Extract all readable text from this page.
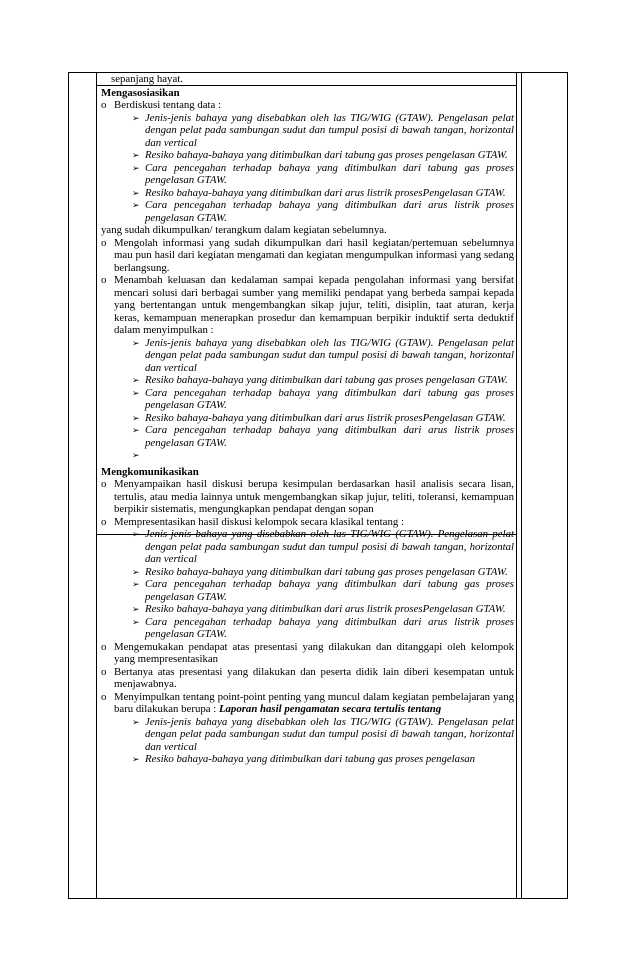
sepanjang hayat.

Mengasosiasikan

o Berdiskusi tentang data :
➢ Jenis-jenis bahaya yang disebabkan oleh las TIG/WIG (GTAW). Pengelasan pelat dengan pelat pada sambungan sudut dan tumpul posisi di bawah tangan, horizontal dan vertical
➢ Resiko bahaya-bahaya yang ditimbulkan dari tabung gas proses pengelasan GTAW.
➢ Cara pencegahan terhadap bahaya yang ditimbulkan dari tabung gas proses pengelasan GTAW.
➢ Resiko bahaya-bahaya yang ditimbulkan dari arus listrik prosesPengelasan GTAW.
➢ Cara pencegahan terhadap bahaya yang ditimbulkan dari arus listrik proses pengelasan GTAW.

yang sudah dikumpulkan/ terangkum dalam kegiatan sebelumnya.

o Mengolah informasi yang sudah dikumpulkan dari hasil kegiatan/pertemuan sebelumnya mau pun hasil dari kegiatan mengamati dan kegiatan mengumpulkan informasi yang sedang berlangsung.
o Menambah keluasan dan kedalaman sampai kepada pengolahan informasi yang bersifat mencari solusi dari berbagai sumber yang memiliki pendapat yang berbeda sampai kepada yang bertentangan untuk mengembangkan sikap jujur, teliti, disiplin, taat aturan, kerja keras, kemampuan menerapkan prosedur dan kemampuan berpikir induktif serta deduktif dalam menyimpulkan :
➢ Jenis-jenis bahaya yang disebabkan oleh las TIG/WIG (GTAW). Pengelasan pelat dengan pelat pada sambungan sudut dan tumpul posisi di bawah tangan, horizontal dan vertical
➢ Resiko bahaya-bahaya yang ditimbulkan dari tabung gas proses pengelasan GTAW.
➢ Cara pencegahan terhadap bahaya yang ditimbulkan dari tabung gas proses pengelasan GTAW.
➢ Resiko bahaya-bahaya yang ditimbulkan dari arus listrik prosesPengelasan GTAW.
➢ Cara pencegahan terhadap bahaya yang ditimbulkan dari arus listrik proses pengelasan GTAW.
➢

Mengkomunikasikan

o Menyampaikan hasil diskusi berupa kesimpulan berdasarkan hasil analisis secara lisan, tertulis, atau media lainnya untuk mengembangkan sikap jujur, teliti, toleransi, kemampuan berpikir sistematis, mengungkapkan pendapat dengan sopan
o Mempresentasikan hasil diskusi kelompok secara klasikal tentang :
➢ Jenis-jenis bahaya yang disebabkan oleh las TIG/WIG (GTAW). Pengelasan pelat dengan pelat pada sambungan sudut dan tumpul posisi di bawah tangan, horizontal dan vertical
➢ Resiko bahaya-bahaya yang ditimbulkan dari tabung gas proses pengelasan GTAW.
➢ Cara pencegahan terhadap bahaya yang ditimbulkan dari tabung gas proses pengelasan GTAW.
➢ Resiko bahaya-bahaya yang ditimbulkan dari arus listrik prosesPengelasan GTAW.
➢ Cara pencegahan terhadap bahaya yang ditimbulkan dari arus listrik proses pengelasan GTAW.
o Mengemukakan pendapat atas presentasi yang dilakukan dan ditanggapi oleh kelompok yang mempresentasikan
o Bertanya atas presentasi yang dilakukan dan peserta didik lain diberi kesempatan untuk menjawabnya.
o Menyimpulkan tentang point-point penting yang muncul dalam kegiatan pembelajaran yang baru dilakukan berupa : Laporan hasil pengamatan secara tertulis tentang
➢ Jenis-jenis bahaya yang disebabkan oleh las TIG/WIG (GTAW). Pengelasan pelat dengan pelat pada sambungan sudut dan tumpul posisi di bawah tangan, horizontal dan vertical
➢ Resiko bahaya-bahaya yang ditimbulkan dari tabung gas proses pengelasan
